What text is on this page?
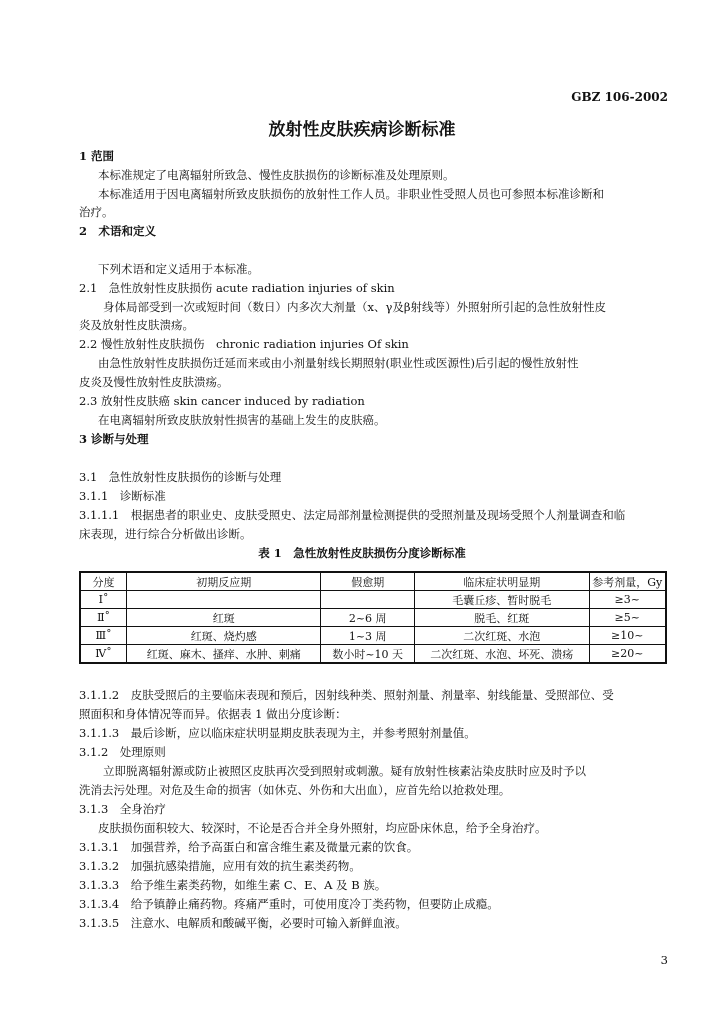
GBZ 106-2002
放射性皮肤疾病诊断标准
1 范围
本标准规定了电离辐射所致急、慢性皮肤损伤的诊断标准及处理原则。
本标准适用于因电离辐射所致皮肤损伤的放射性工作人员。非职业性受照人员也可参照本标准诊断和
治疗。
2　术语和定义
下列术语和定义适用于本标准。
2.1　急性放射性皮肤损伤 acute radiation injuries of skin
身体局部受到一次或短时间（数日）内多次大剂量（x、γ及β射线等）外照射所引起的急性放射性皮
炎及放射性皮肤溃疡。
2.2 慢性放射性皮肤损伤　chronic radiation injuries Of skin
由急性放射性皮肤损伤迁延而来或由小剂量射线长期照射(职业性或医源性)后引起的慢性放射性
皮炎及慢性放射性皮肤溃疡。
2.3 放射性皮肤癌 skin cancer induced by radiation
在电离辐射所致皮肤放射性损害的基础上发生的皮肤癌。
3 诊断与处理
3.1　急性放射性皮肤损伤的诊断与处理
3.1.1　诊断标准
3.1.1.1　根据患者的职业史、皮肤受照史、法定局部剂量检测提供的受照剂量及现场受照个人剂量调查和临
床表现，进行综合分析做出诊断。
表 1　急性放射性皮肤损伤分度诊断标准
分度	初期反应期	假愈期	临床症状明显期	参考剂量，Gy
Ⅰ˚			毛囊丘疹、暂时脱毛	≥3~
Ⅱ˚	红斑	2~6 周	脱毛、红斑	≥5~
Ⅲ˚	红斑、烧灼感	1~3 周	二次红斑、水泡	≥10~
Ⅳ˚	红斑、麻木、搔痒、水肿、刺痛	数小时~10 天	二次红斑、水泡、坏死、溃疡	≥20~
3.1.1.2　皮肤受照后的主要临床表现和预后，因射线种类、照射剂量、剂量率、射线能量、受照部位、受
照面积和身体情况等而异。依据表 1 做出分度诊断：
3.1.1.3　最后诊断，应以临床症状明显期皮肤表现为主，并参考照射剂量值。
3.1.2　处理原则
立即脱离辐射源或防止被照区皮肤再次受到照射或刺激。疑有放射性核素沾染皮肤时应及时予以
洗消去污处理。对危及生命的损害（如休克、外伤和大出血），应首先给以抢救处理。
3.1.3　全身治疗
皮肤损伤面积较大、较深时，不论是否合并全身外照射，均应卧床休息，给予全身治疗。
3.1.3.1　加强营养，给予高蛋白和富含维生素及微量元素的饮食。
3.1.3.2　加强抗感染措施，应用有效的抗生素类药物。
3.1.3.3　给予维生素类药物，如维生素 C、E、A 及 B 族。
3.1.3.4　给予镇静止痛药物。疼痛严重时，可使用度冷丁类药物，但要防止成瘾。
3.1.3.5　注意水、电解质和酸碱平衡，必要时可输入新鲜血液。
3
